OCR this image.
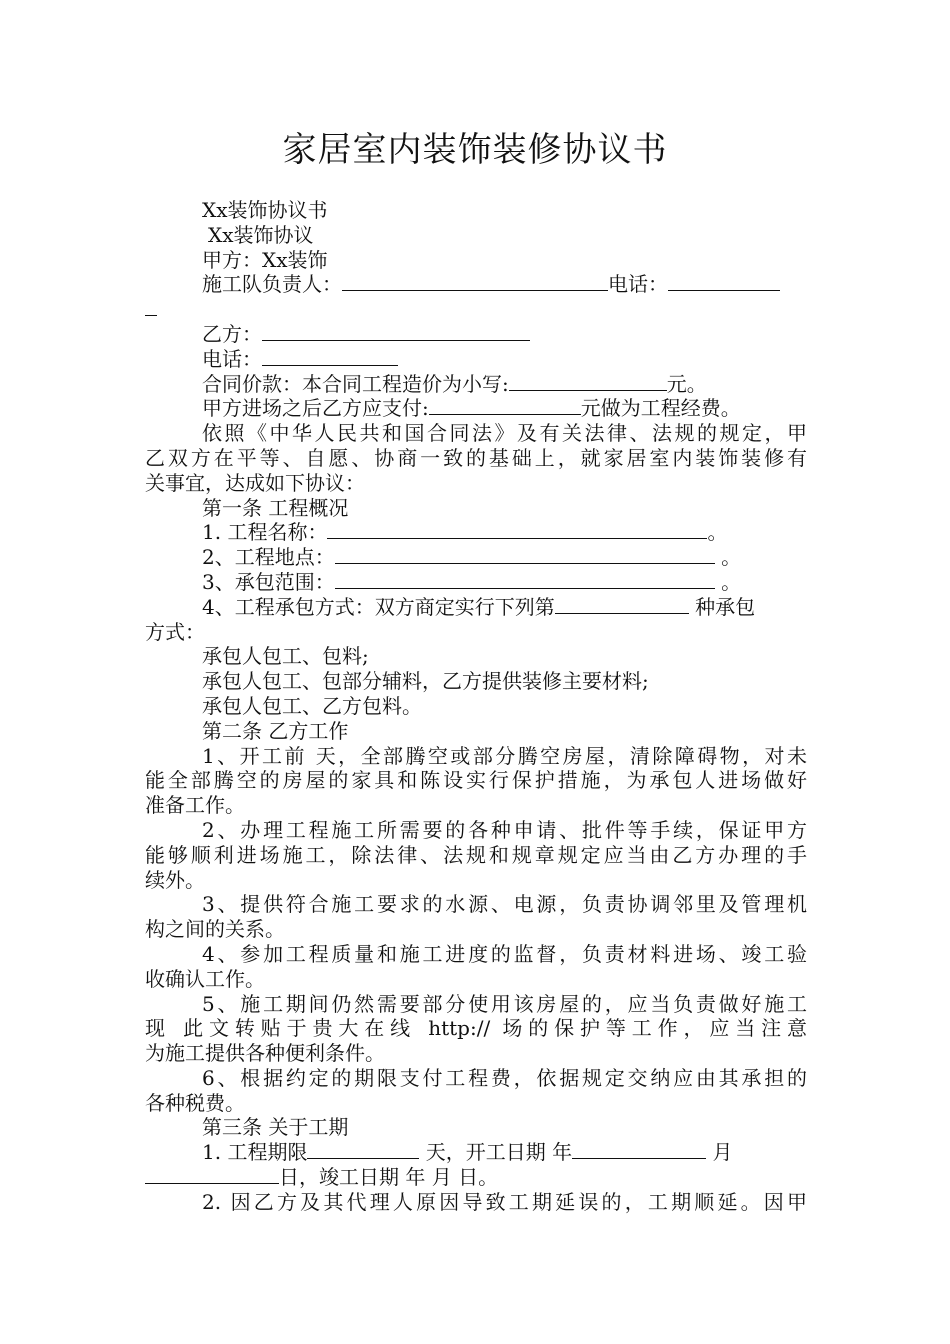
家居室内装饰装修协议书
Xx装饰协议书
Xx装饰协议
甲方：Xx装饰
施工队负责人：	电话：
乙方：
电话：
合同价款：本合同工程造价为小写:	元。
甲方进场之后乙方应支付:	元做为工程经费。
依照《中华人民共和国合同法》及有关法律、法规的规定，甲
乙双方在平等、自愿、协商一致的基础上，就家居室内装饰装修有
关事宜，达成如下协议：
第一条 工程概况
1. 工程名称：	。
2、工程地点：	。
3、承包范围：	。
4、工程承包方式：双方商定实行下列第	种承包
方式：
承包人包工、包料;
承包人包工、包部分辅料，乙方提供装修主要材料;
承包人包工、乙方包料。
第二条 乙方工作
1、开工前 天，全部腾空或部分腾空房屋，清除障碍物，对未
能全部腾空的房屋的家具和陈设实行保护措施，为承包人进场做好
准备工作。
2、办理工程施工所需要的各种申请、批件等手续，保证甲方
能够顺利进场施工，除法律、法规和规章规定应当由乙方办理的手
续外。
3、提供符合施工要求的水源、电源，负责协调邻里及管理机
构之间的关系。
4、参加工程质量和施工进度的监督，负责材料进场、竣工验
收确认工作。
5、施工期间仍然需要部分使用该房屋的，应当负责做好施工
现 此文转贴于贵大在线 http:// 场的保护等工作，应当注意
为施工提供各种便利条件。
6、根据约定的期限支付工程费，依据规定交纳应由其承担的
各种税费。
第三条 关于工期
1. 工程期限	天，开工日期 年	月
日，竣工日期 年 月 日。
2. 因乙方及其代理人原因导致工期延误的，工期顺延。因甲
